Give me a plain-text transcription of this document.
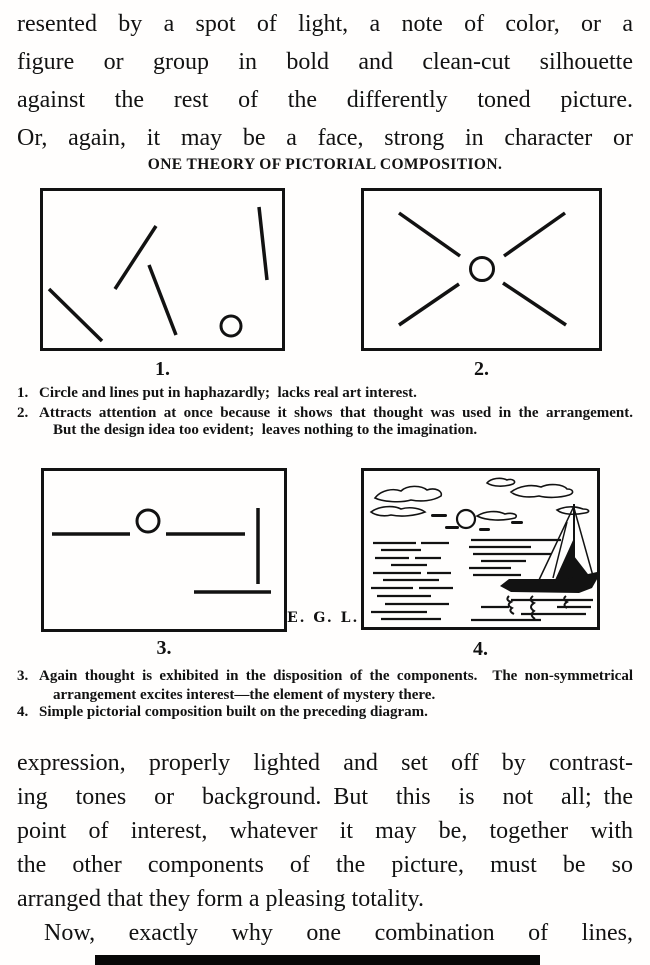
resented by a spot of light, a note of color, or a
figure or group in bold and clean-cut silhouette
against the rest of the differently toned picture.
Or, again, it may be a face, strong in character or
ONE THEORY OF PICTORIAL COMPOSITION.
1.	2.
1. Circle and lines put in haphazardly; lacks real art interest.
2. Attracts attention at once because it shows that thought was used in the arrangement.
But the design idea too evident; leaves nothing to the imagination.
3.
E. G. L.
4.
3. Again thought is exhibited in the disposition of the components. The non-symmetrical
arrangement excites interest—the element of mystery there.
4. Simple pictorial composition built on the preceding diagram.
expression, properly lighted and set off by contrast-
ing tones or background. But this is not all; the
point of interest, whatever it may be, together with
the other components of the picture, must be so
arranged that they form a pleasing totality.
Now, exactly why one combination of lines,
